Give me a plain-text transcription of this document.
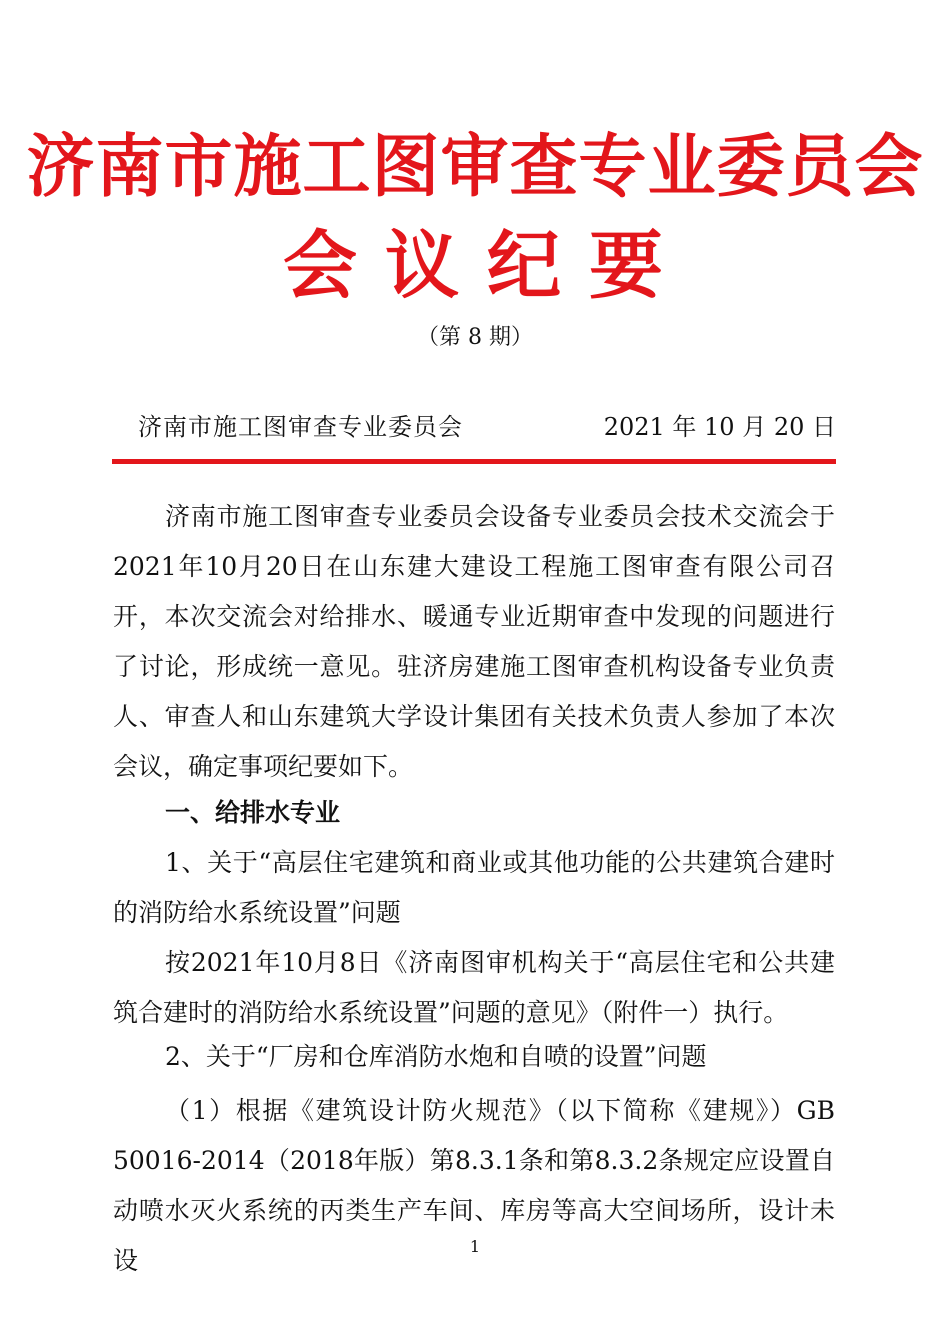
济南市施工图审查专业委员会
会议纪要
（第 8 期）
济南市施工图审查专业委员会	2021 年 10 月 20 日

济南市施工图审查专业委员会设备专业委员会技术交流会于2021年10月20日在山东建大建设工程施工图审查有限公司召开，本次交流会对给排水、暖通专业近期审查中发现的问题进行了讨论，形成统一意见。驻济房建施工图审查机构设备专业负责人、审查人和山东建筑大学设计集团有关技术负责人参加了本次会议，确定事项纪要如下。

一、给排水专业

1、关于“高层住宅建筑和商业或其他功能的公共建筑合建时的消防给水系统设置”问题

按2021年10月8日《济南图审机构关于“高层住宅和公共建筑合建时的消防给水系统设置”问题的意见》（附件一）执行。

2、关于“厂房和仓库消防水炮和自喷的设置”问题

（1）根据《建筑设计防火规范》（以下简称《建规》）GB 50016-2014（2018年版）第8.3.1条和第8.3.2条规定应设置自动喷水灭火系统的丙类生产车间、库房等高大空间场所，设计未设	1
